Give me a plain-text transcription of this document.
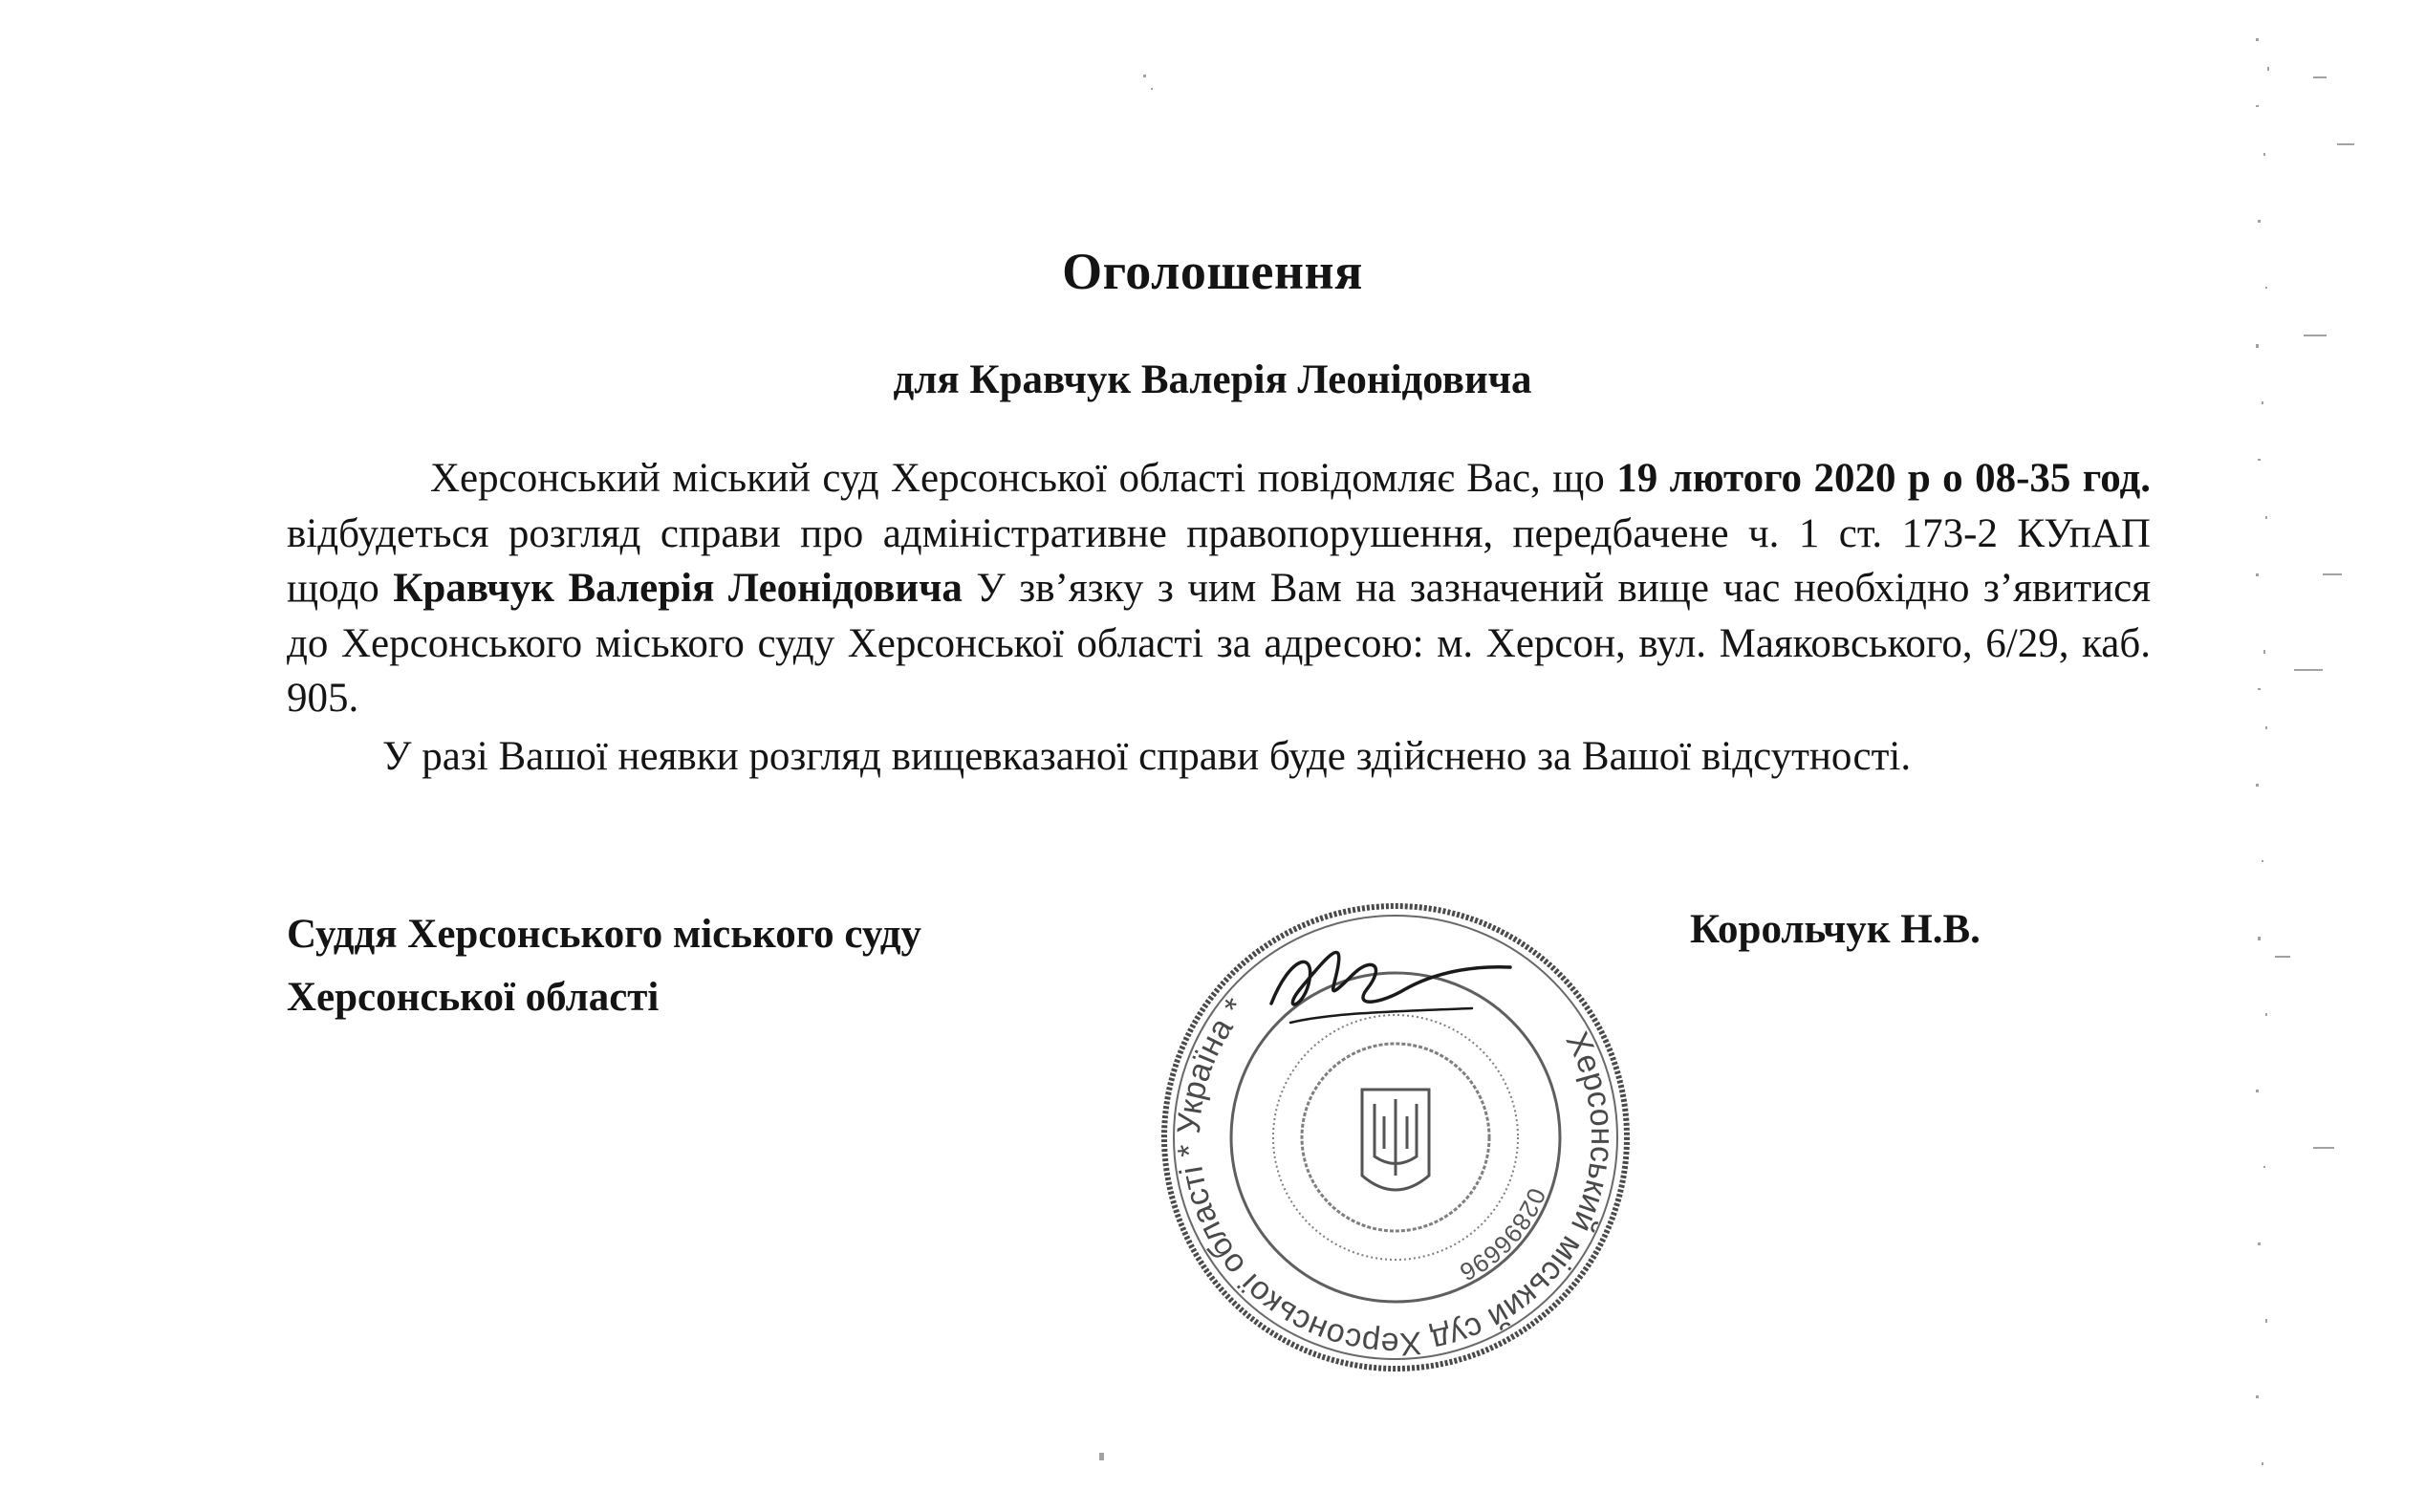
Оголошення
для Кравчук Валерія Леонідовича

Херсонський міський суд Херсонської області повідомляє Вас, що 19 лютого 2020 р о 08-35 год. відбудеться розгляд справи про адміністративне правопорушення, передбачене ч. 1 ст. 173-2 КУпАП щодо Кравчук Валерія Леонідовича У зв’язку з чим Вам на зазначений вище час необхідно з’явитися до Херсонського міського суду Херсонської області за адресою: м. Херсон, вул. Маяковського, 6/29, каб. 905.

У разі Вашої неявки розгляд вищевказаної справи буде здійснено за Вашої відсутності.

Суддя Херсонського міського суду
Херсонської області
Корольчук Н.В.
Херсонський міський суд Херсонської області * Україна *
02896696
